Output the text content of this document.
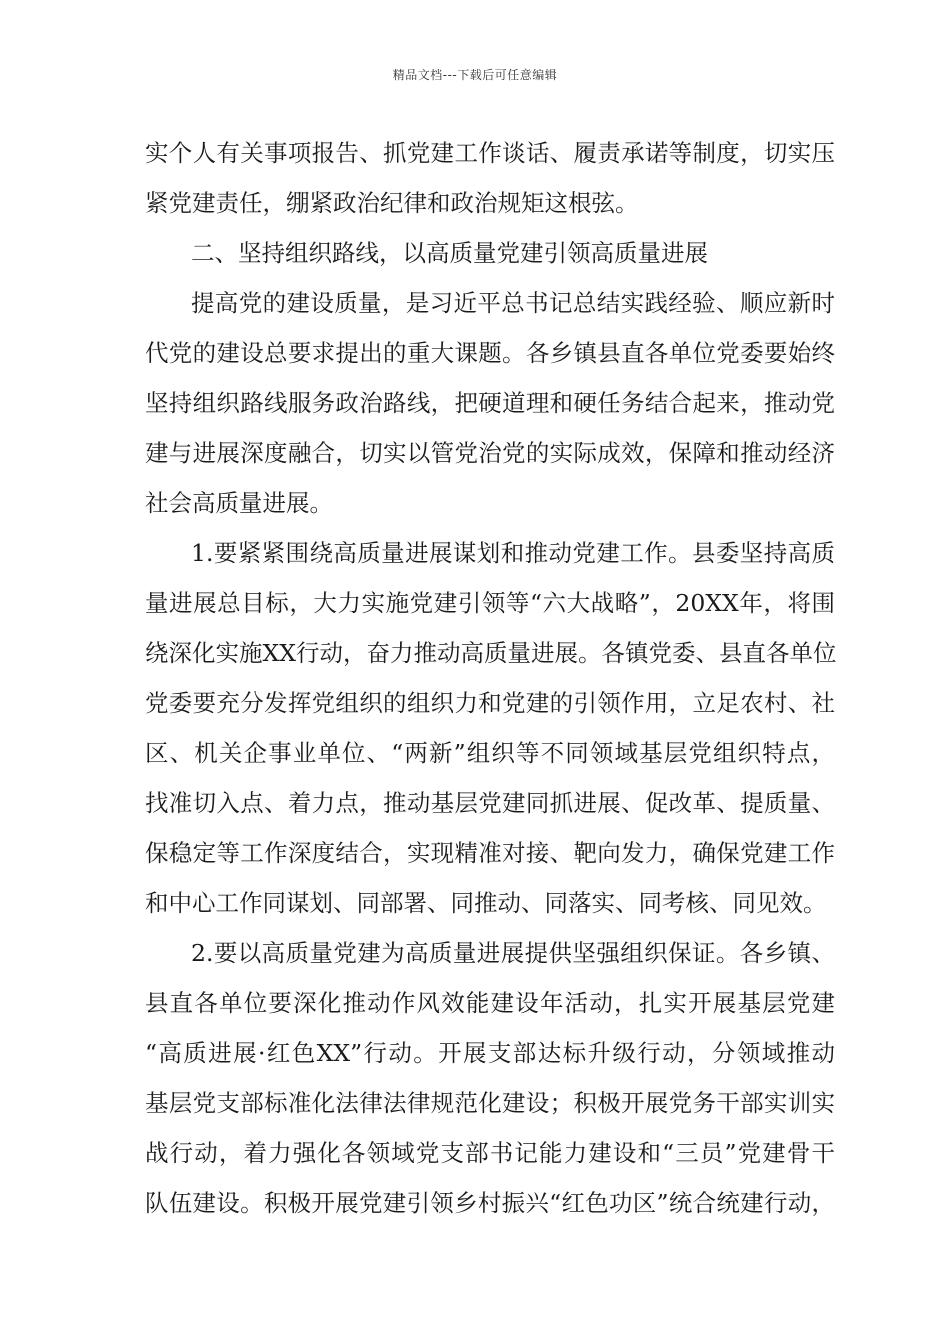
精品文档---下载后可任意编辑
实个人有关事项报告、抓党建工作谈话、履责承诺等制度，切实压
紧党建责任，绷紧政治纪律和政治规矩这根弦。
二、坚持组织路线，以高质量党建引领高质量进展
提高党的建设质量，是习近平总书记总结实践经验、顺应新时
代党的建设总要求提出的重大课题。各乡镇县直各单位党委要始终
坚持组织路线服务政治路线，把硬道理和硬任务结合起来，推动党
建与进展深度融合，切实以管党治党的实际成效，保障和推动经济
社会高质量进展。
1.要紧紧围绕高质量进展谋划和推动党建工作。县委坚持高质
量进展总目标，大力实施党建引领等“六大战略”，20XX年，将围
绕深化实施XX行动，奋力推动高质量进展。各镇党委、县直各单位
党委要充分发挥党组织的组织力和党建的引领作用，立足农村、社
区、机关企事业单位、“两新”组织等不同领域基层党组织特点，
找准切入点、着力点，推动基层党建同抓进展、促改革、提质量、
保稳定等工作深度结合，实现精准对接、靶向发力，确保党建工作
和中心工作同谋划、同部署、同推动、同落实、同考核、同见效。
2.要以高质量党建为高质量进展提供坚强组织保证。各乡镇、
县直各单位要深化推动作风效能建设年活动，扎实开展基层党建
“高质进展·红色XX”行动。开展支部达标升级行动，分领域推动
基层党支部标准化法律法律规范化建设；积极开展党务干部实训实
战行动，着力强化各领域党支部书记能力建设和“三员”党建骨干
队伍建设。积极开展党建引领乡村振兴“红色功区”统合统建行动，
